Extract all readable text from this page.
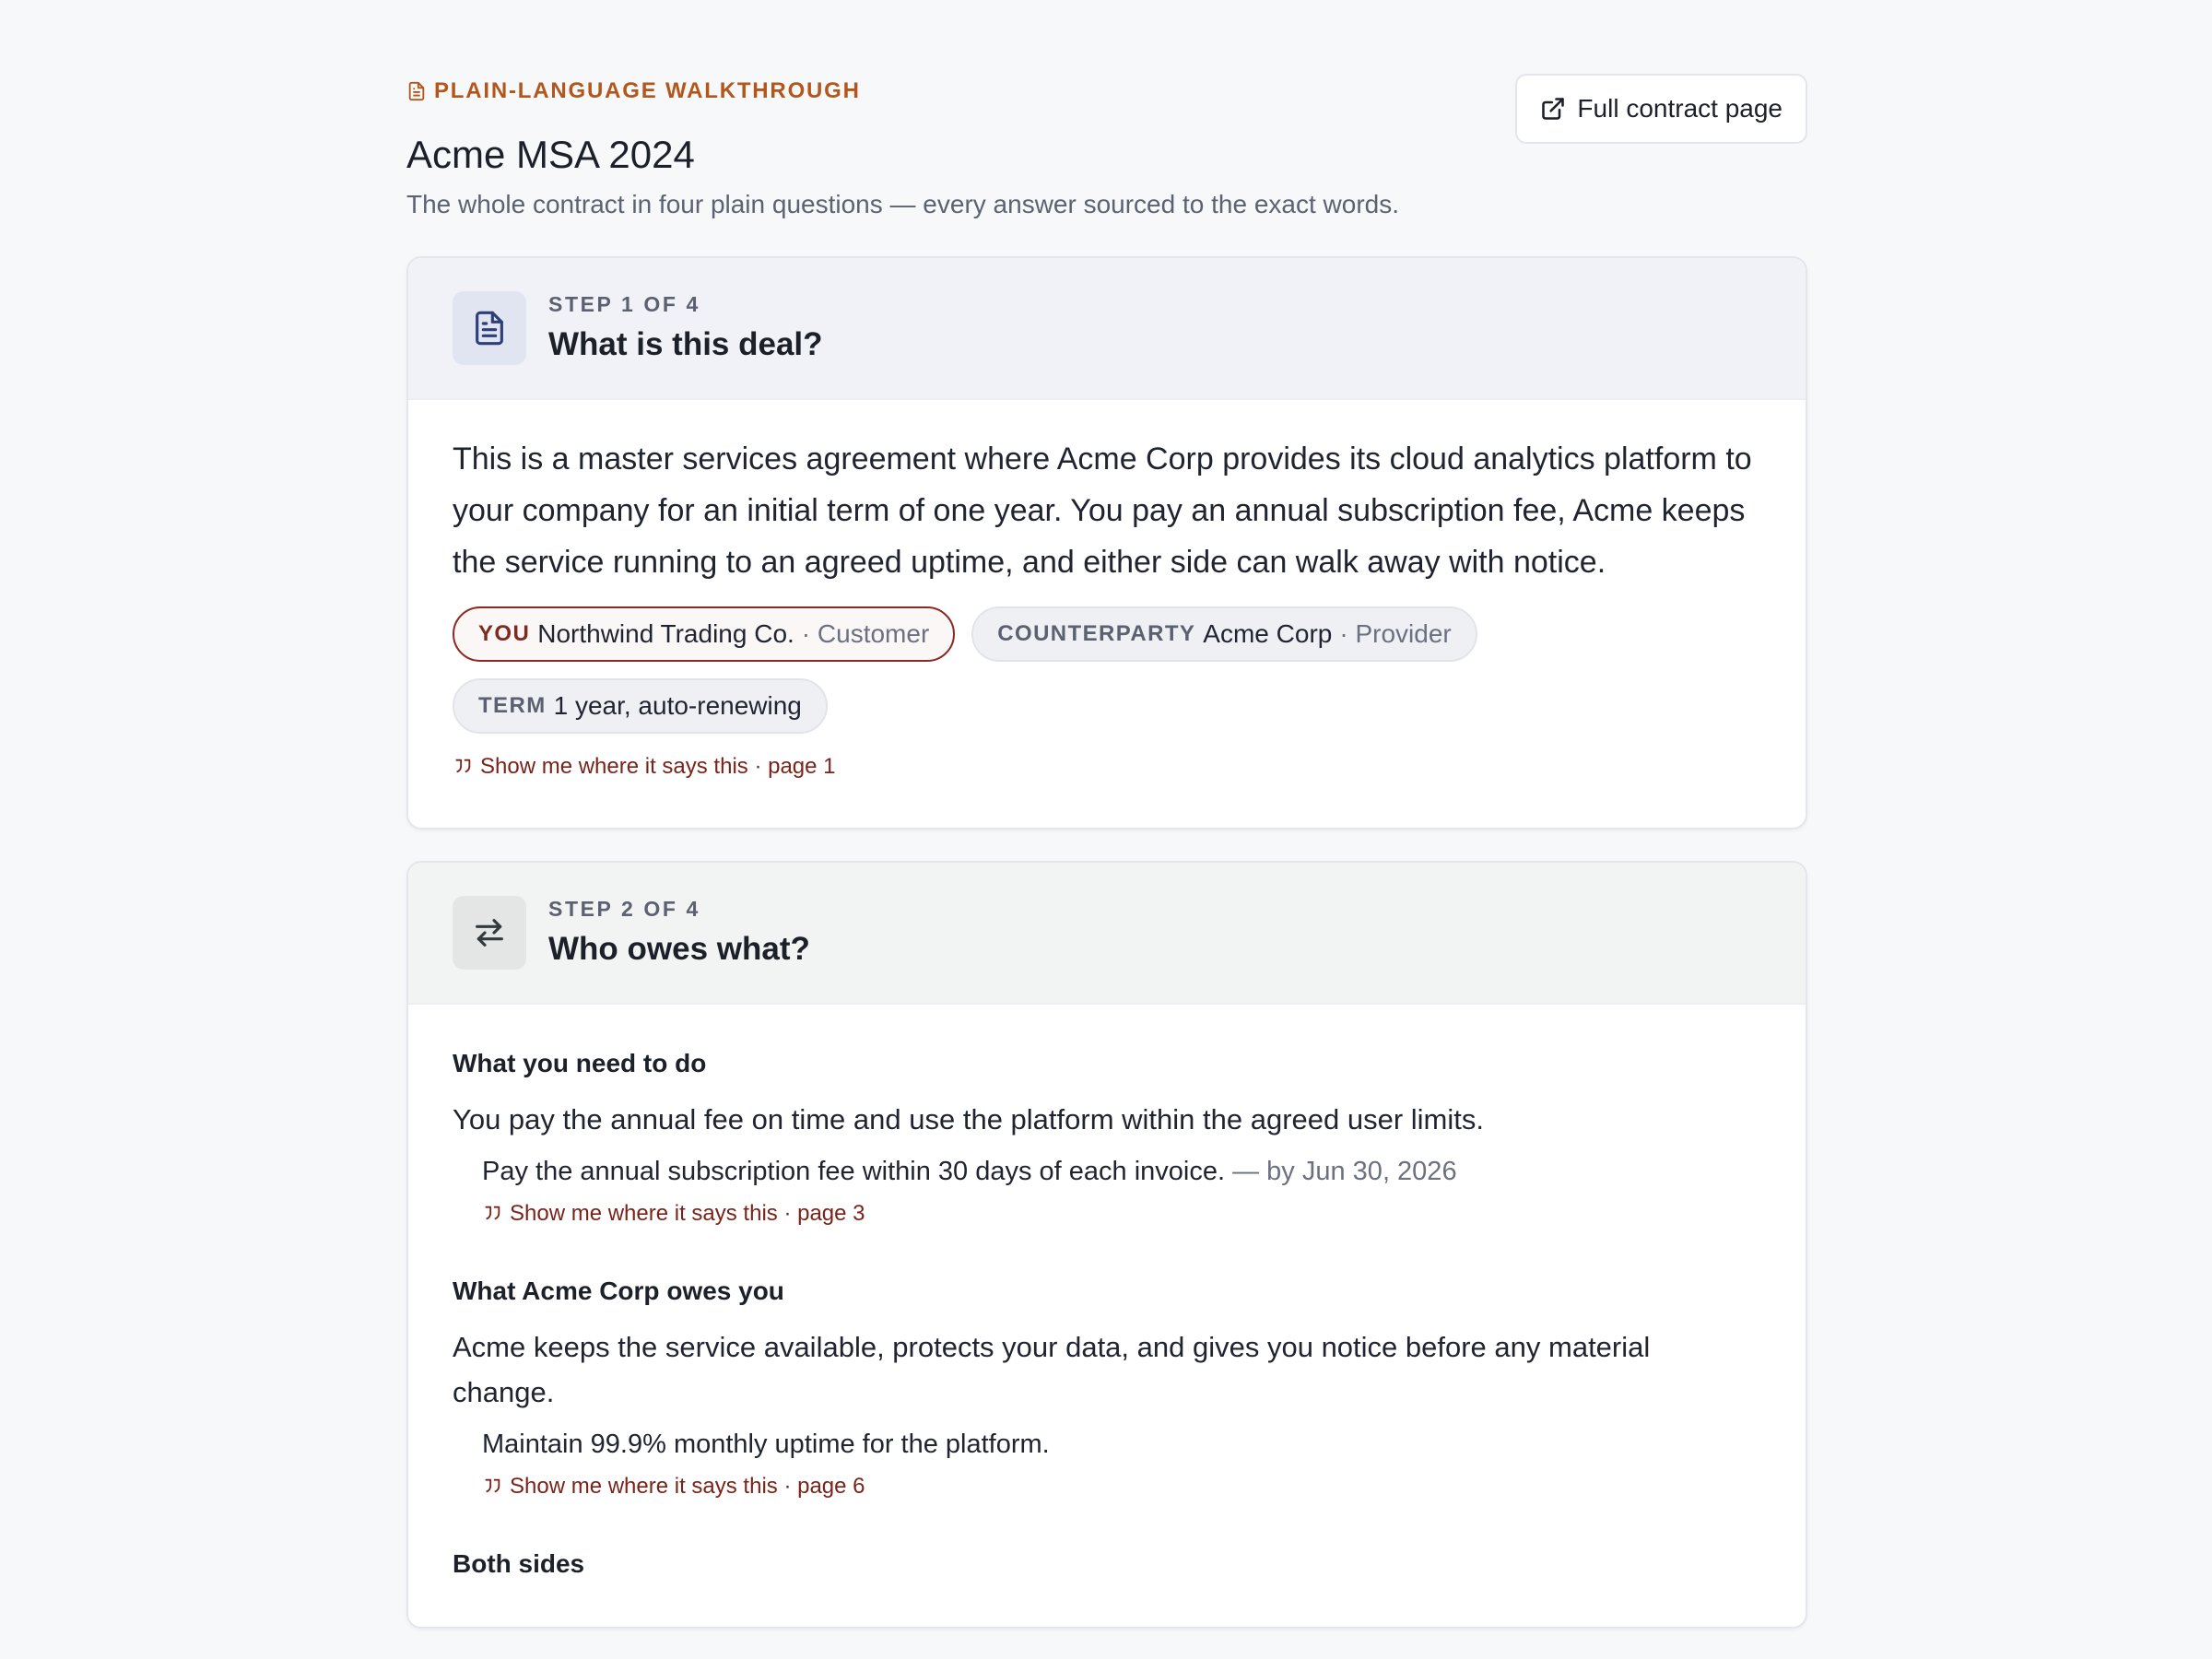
PLAIN-LANGUAGE WALKTHROUGH
Acme MSA 2024
The whole contract in four plain questions — every answer sourced to the exact words.
Full contract page
STEP 1 OF 4
What is this deal?
This is a master services agreement where Acme Corp provides its cloud analytics platform to your company for an initial term of one year. You pay an annual subscription fee, Acme keeps the service running to an agreed uptime, and either side can walk away with notice.
YOU Northwind Trading Co. · Customer	COUNTERPARTY Acme Corp · Provider
TERM 1 year, auto-renewing
Show me where it says this · page 1
STEP 2 OF 4
Who owes what?
What you need to do
You pay the annual fee on time and use the platform within the agreed user limits.
Pay the annual subscription fee within 30 days of each invoice. — by Jun 30, 2026
Show me where it says this · page 3
What Acme Corp owes you
Acme keeps the service available, protects your data, and gives you notice before any material change.
Maintain 99.9% monthly uptime for the platform.
Show me where it says this · page 6
Both sides
